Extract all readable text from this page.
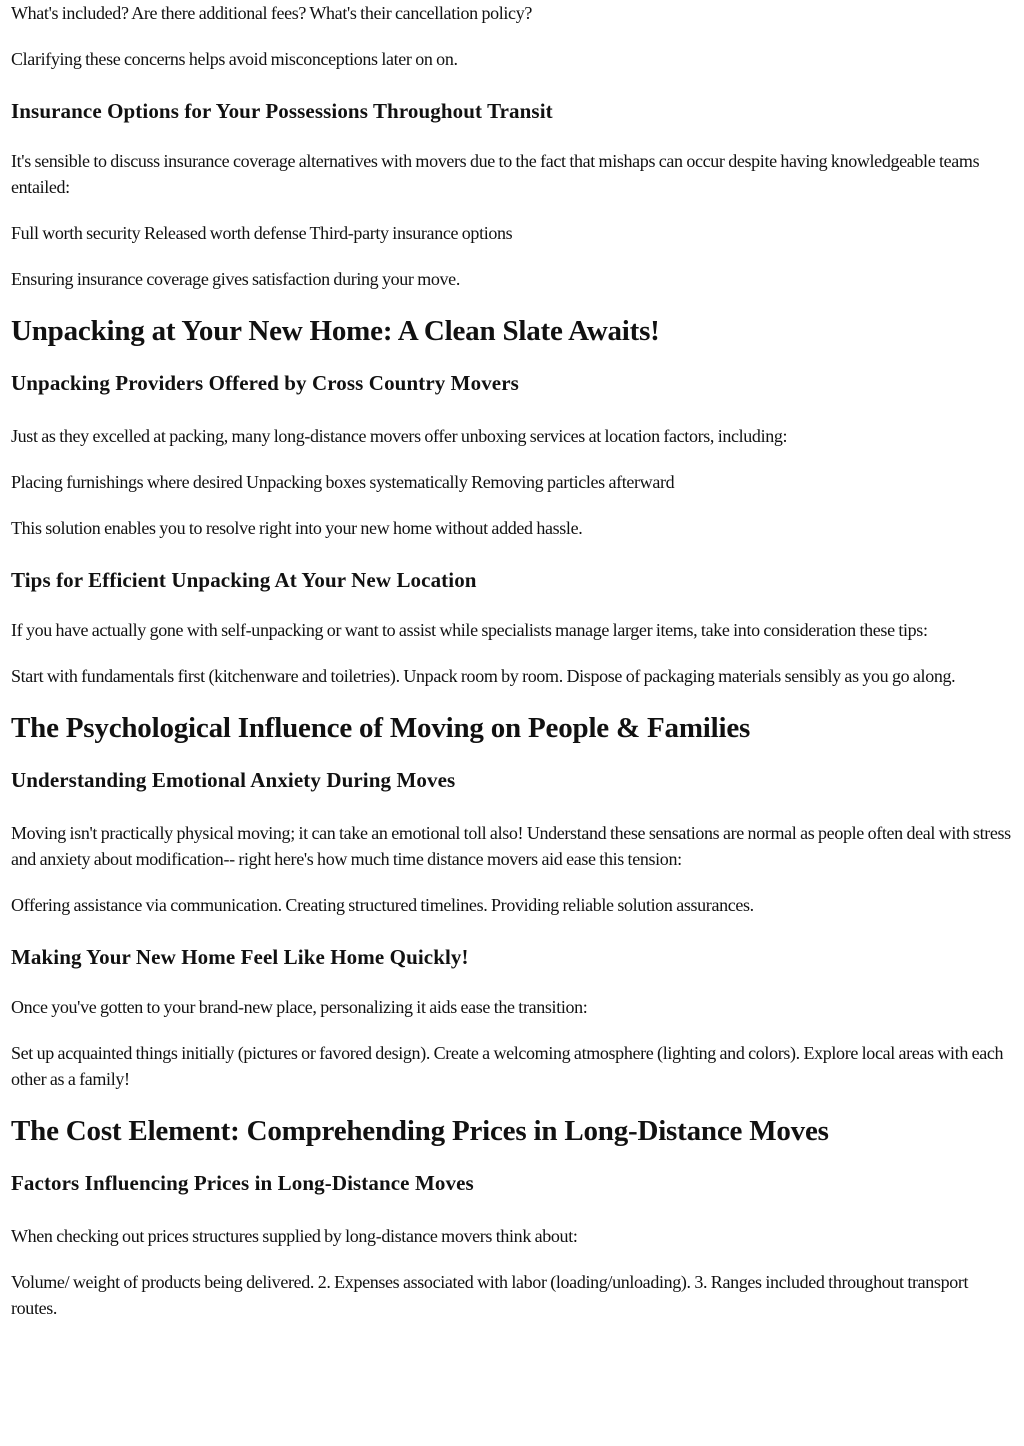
What's included? Are there additional fees? What's their cancellation policy?

Clarifying these concerns helps avoid misconceptions later on on.

Insurance Options for Your Possessions Throughout Transit

It's sensible to discuss insurance coverage alternatives with movers due to the fact that mishaps can occur despite having knowledgeable teams entailed:

Full worth security Released worth defense Third-party insurance options

Ensuring insurance coverage gives satisfaction during your move.

Unpacking at Your New Home: A Clean Slate Awaits!
Unpacking Providers Offered by Cross Country Movers

Just as they excelled at packing, many long-distance movers offer unboxing services at location factors, including:

Placing furnishings where desired Unpacking boxes systematically Removing particles afterward

This solution enables you to resolve right into your new home without added hassle.

Tips for Efficient Unpacking At Your New Location

If you have actually gone with self-unpacking or want to assist while specialists manage larger items, take into consideration these tips:

Start with fundamentals first (kitchenware and toiletries). Unpack room by room. Dispose of packaging materials sensibly as you go along.

The Psychological Influence of Moving on People & Families
Understanding Emotional Anxiety During Moves

Moving isn't practically physical moving; it can take an emotional toll also! Understand these sensations are normal as people often deal with stress and anxiety about modification-- right here's how much time distance movers aid ease this tension:

Offering assistance via communication. Creating structured timelines. Providing reliable solution assurances.

Making Your New Home Feel Like Home Quickly!

Once you've gotten to your brand-new place, personalizing it aids ease the transition:

Set up acquainted things initially (pictures or favored design). Create a welcoming atmosphere (lighting and colors). Explore local areas with each other as a family!

The Cost Element: Comprehending Prices in Long-Distance Moves
Factors Influencing Prices in Long-Distance Moves

When checking out prices structures supplied by long-distance movers think about:

Volume/ weight of products being delivered. 2. Expenses associated with labor (loading/unloading). 3. Ranges included throughout transport routes.
